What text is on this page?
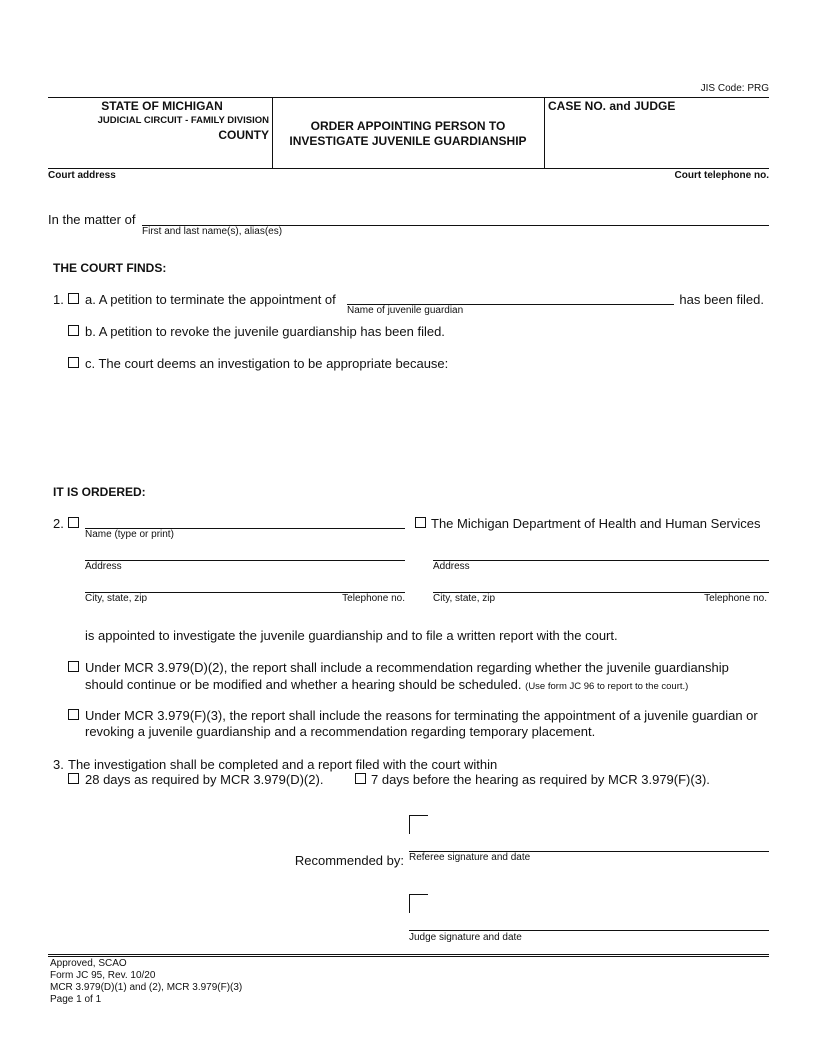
JIS Code: PRG
STATE OF MICHIGAN
JUDICIAL CIRCUIT - FAMILY DIVISION
COUNTY
ORDER APPOINTING PERSON TO
INVESTIGATE JUVENILE GUARDIANSHIP
CASE NO. and JUDGE
Court address	Court telephone no.
In the matter of
First and last name(s), alias(es)
THE COURT FINDS:
1. a. A petition to terminate the appointment of
Name of juvenile guardian
has been filed.
b. A petition to revoke the juvenile guardianship has been filed.
c. The court deems an investigation to be appropriate because:
IT IS ORDERED:
2.
Name (type or print)
The Michigan Department of Health and Human Services
Address	Address
City, state, zip	Telephone no.	City, state, zip	Telephone no.
is appointed to investigate the juvenile guardianship and to file a written report with the court.
Under MCR 3.979(D)(2), the report shall include a recommendation regarding whether the juvenile guardianship
should continue or be modified and whether a hearing should be scheduled. (Use form JC 96 to report to the court.)
Under MCR 3.979(F)(3), the report shall include the reasons for terminating the appointment of a juvenile guardian or
revoking a juvenile guardianship and a recommendation regarding temporary placement.
3. The investigation shall be completed and a report filed with the court within
28 days as required by MCR 3.979(D)(2).	7 days before the hearing as required by MCR 3.979(F)(3).
Recommended by: Referee signature and date
Judge signature and date
Approved, SCAO
Form JC 95, Rev. 10/20
MCR 3.979(D)(1) and (2), MCR 3.979(F)(3)
Page 1 of 1
